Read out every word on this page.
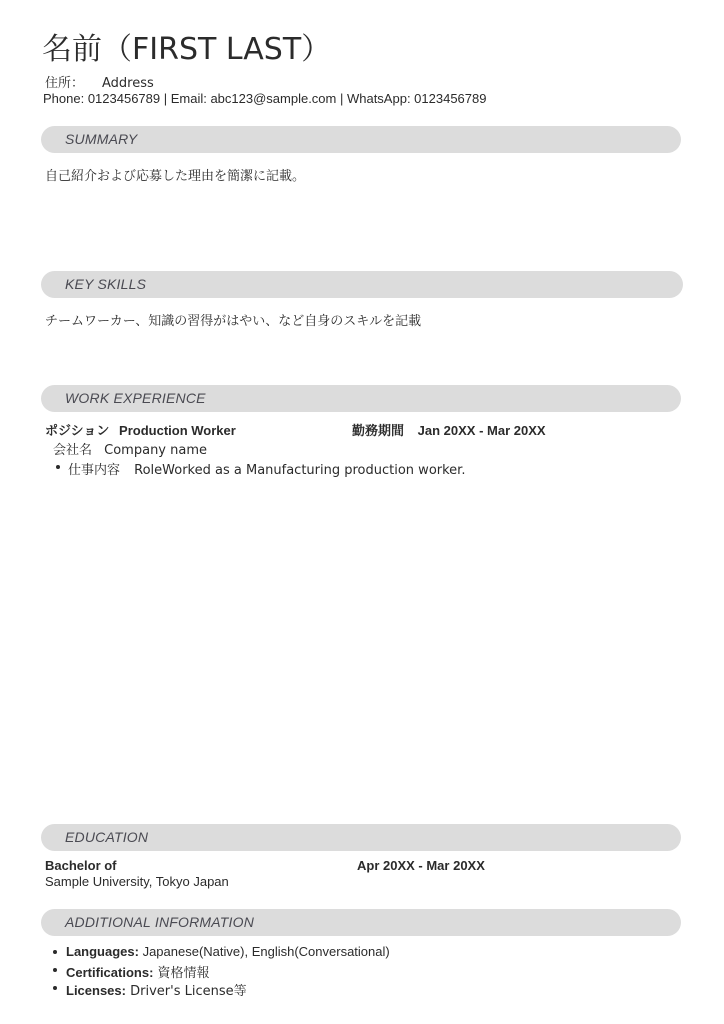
名前（FIRST LAST）
住所： Address
Phone: 0123456789 | Email: abc123@sample.com | WhatsApp: 0123456789
SUMMARY
自己紹介および応募した理由を簡潔に記載。
KEY SKILLS
チームワーカー、知識の習得がはやい、など自身のスキルを記載
WORK EXPERIENCE
ポジション Production Worker	勤務期間 Jan 20XX - Mar 20XX
会社名 Company name
仕事内容 RoleWorked as a Manufacturing production worker.
EDUCATION
Bachelor of	Apr 20XX - Mar 20XX
Sample University, Tokyo Japan
ADDITIONAL INFORMATION
Languages: Japanese(Native), English(Conversational)
Certifications: 資格情報
Licenses: Driver's License等
